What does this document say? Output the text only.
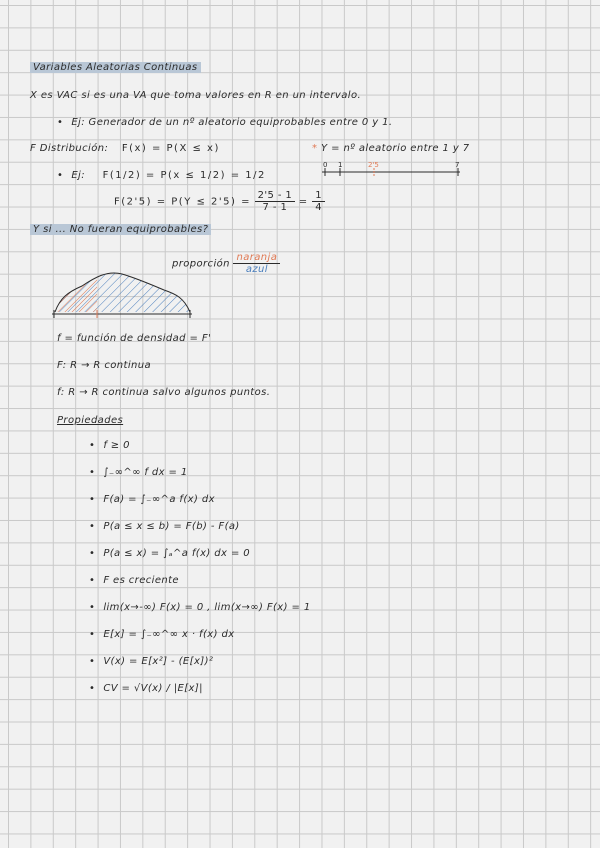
Variables Aleatorias Continuas
X es VAC si es una VA que toma valores en R en un intervalo.
• Ej: Generador de un nº aleatorio equiprobables entre 0 y 1.
F Distribución: F(x) = P(X ≤ x)
• Ej: F(1/2) = P(x ≤ 1/2) = 1/2
$F(2'5) = P(Y \le 2'5) = \frac{2'5 - 1}{7 - 1} = \frac{1}{4}$
* Y = nº aleatorio entre 1 y 7
0 1	2'5	7
Y si ... No fueran equiprobables?
proporción $\frac{\text{naranja}}{\text{azul}}$
f = función de densidad = F'
F: R → R continua
f: R → R continua salvo algunos puntos.
Propiedades
• f ≥ 0
• ∫₋∞^∞ f dx = 1
• F(a) = ∫₋∞^a f(x) dx
• P(a ≤ x ≤ b) = F(b) - F(a)
• P(a ≤ x) = ∫ₐ^a f(x) dx = 0
• F es creciente
• lim(x→-∞) F(x) = 0 , lim(x→∞) F(x) = 1
• E[x] = ∫₋∞^∞ x · f(x) dx
• V(x) = E[x²] - (E[x])²
• CV = √V(x) / |E[x]|
